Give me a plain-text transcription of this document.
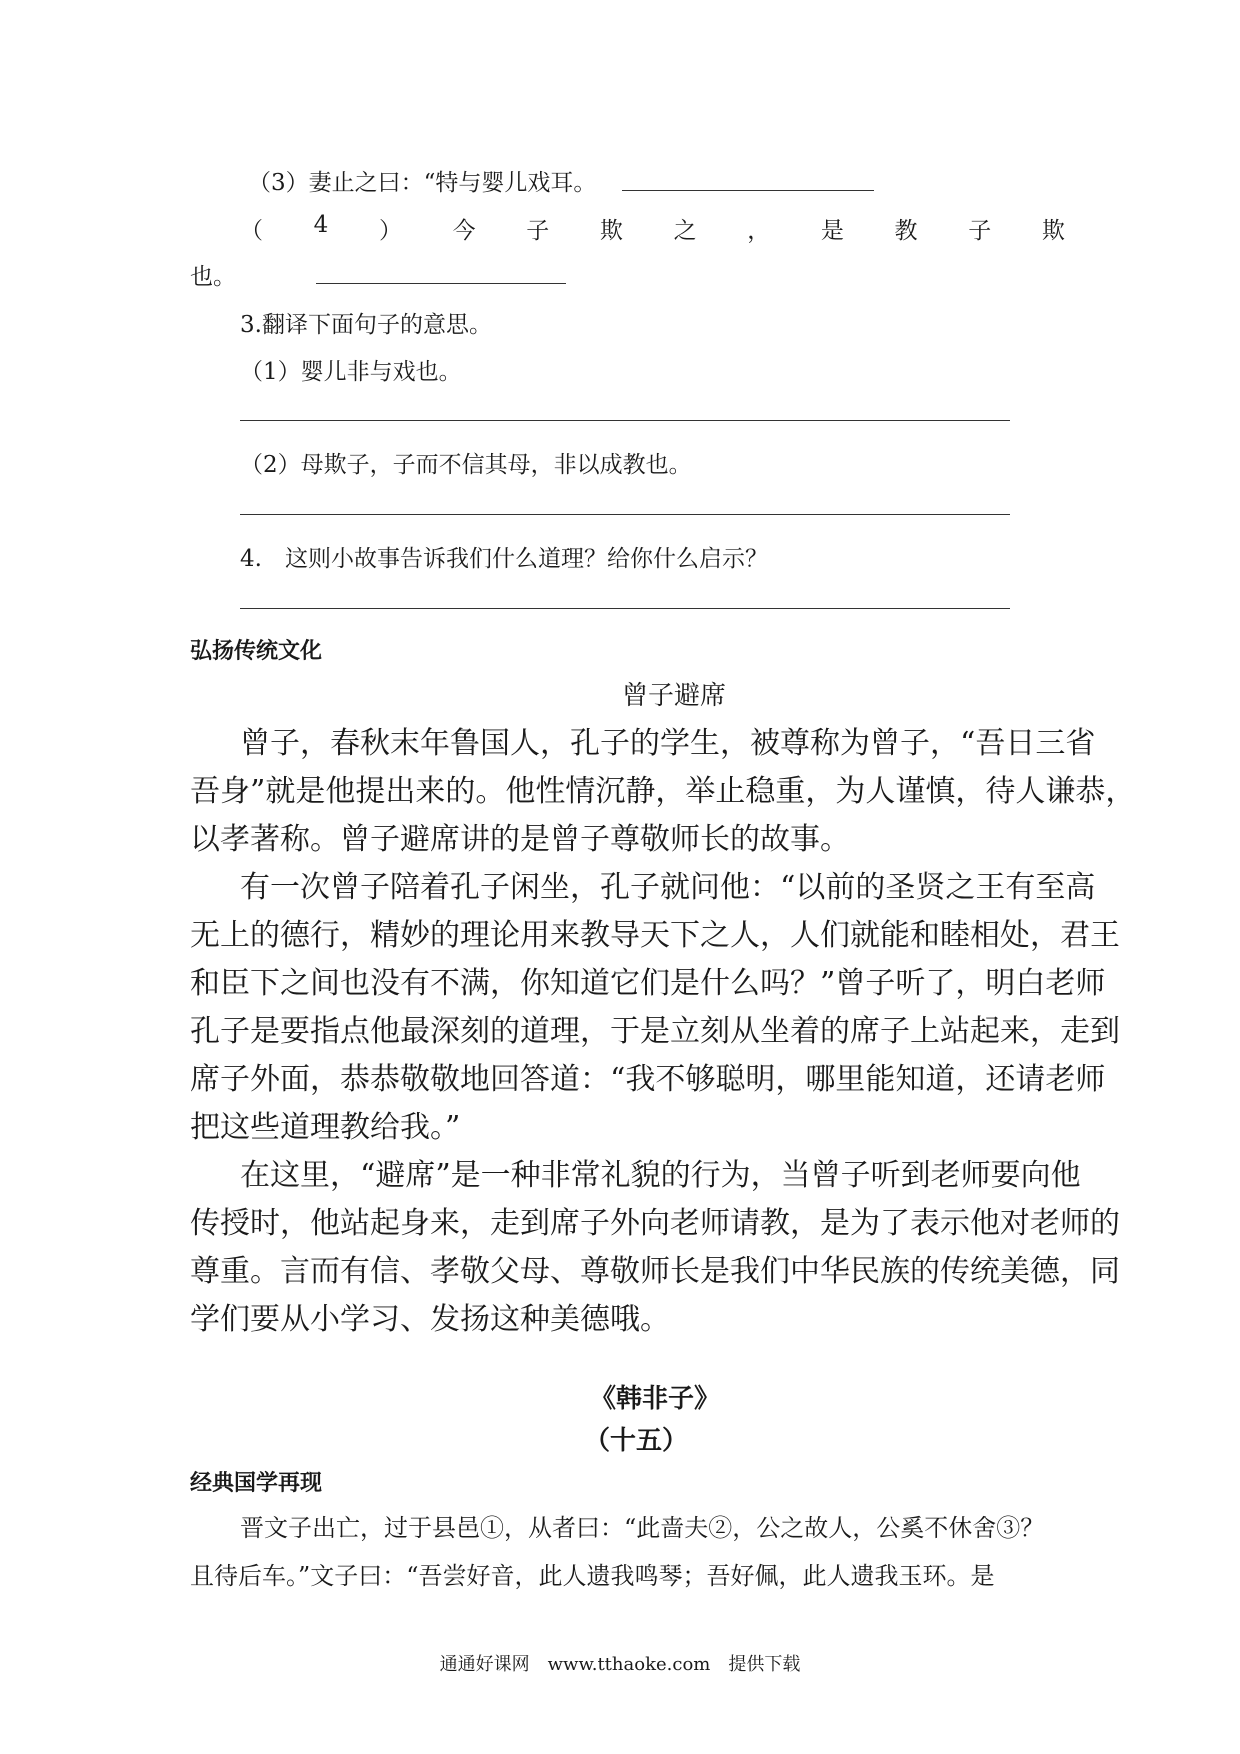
（3）妻止之曰：“特与婴儿戏耳。
（ 4 ） 今 子 欺 之 ， 是 教 子 欺
也。
3.翻译下面句子的意思。
（1）婴儿非与戏也。
（2）母欺子，子而不信其母，非以成教也。
4.　这则小故事告诉我们什么道理？给你什么启示？
弘扬传统文化
曾子避席
曾子，春秋末年鲁国人，孔子的学生，被尊称为曾子，“吾日三省
吾身”就是他提出来的。他性情沉静，举止稳重，为人谨慎，待人谦恭，
以孝著称。曾子避席讲的是曾子尊敬师长的故事。
有一次曾子陪着孔子闲坐，孔子就问他：“以前的圣贤之王有至高
无上的德行，精妙的理论用来教导天下之人，人们就能和睦相处，君王
和臣下之间也没有不满，你知道它们是什么吗？”曾子听了，明白老师
孔子是要指点他最深刻的道理，于是立刻从坐着的席子上站起来，走到
席子外面，恭恭敬敬地回答道：“我不够聪明，哪里能知道，还请老师
把这些道理教给我。”
在这里，“避席”是一种非常礼貌的行为，当曾子听到老师要向他
传授时，他站起身来，走到席子外向老师请教，是为了表示他对老师的
尊重。言而有信、孝敬父母、尊敬师长是我们中华民族的传统美德，同
学们要从小学习、发扬这种美德哦。
《韩非子》
（十五）
经典国学再现
晋文子出亡，过于县邑①，从者曰：“此啬夫②，公之故人，公奚不休舍③？
且待后车。”文子曰：“吾尝好音，此人遗我鸣琴；吾好佩，此人遗我玉环。是
通通好课网　www.tthaoke.com　提供下载
